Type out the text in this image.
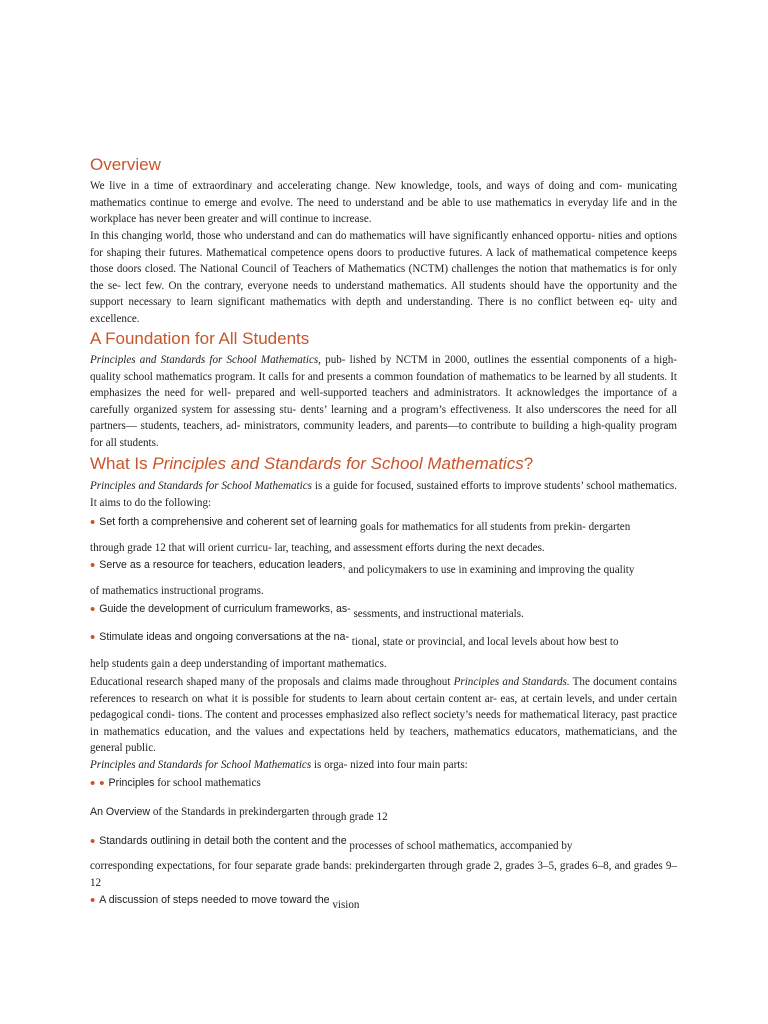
Overview
We live in a time of extraordinary and accelerating change. New knowledge, tools, and ways of doing and com- municating mathematics continue to emerge and evolve. The need to understand and be able to use mathematics in everyday life and in the workplace has never been greater and will continue to increase.
In this changing world, those who understand and can do mathematics will have significantly enhanced opportu- nities and options for shaping their futures. Mathematical competence opens doors to productive futures. A lack of mathematical competence keeps those doors closed. The National Council of Teachers of Mathematics (NCTM) challenges the notion that mathematics is for only the se- lect few. On the contrary, everyone needs to understand mathematics. All students should have the opportunity and the support necessary to learn significant mathematics with depth and understanding. There is no conflict between eq- uity and excellence.
A Foundation for All Students
Principles and Standards for School Mathematics, pub- lished by NCTM in 2000, outlines the essential components of a high-quality school mathematics program. It calls for and presents a common foundation of mathematics to be learned by all students. It emphasizes the need for well- prepared and well-supported teachers and administrators. It acknowledges the importance of a carefully organized system for assessing stu- dents’ learning and a program’s effectiveness. It also underscores the need for all partners— students, teachers, ad- ministrators, community leaders, and parents—to contribute to building a high-quality program for all students.
What Is Principles and Standards for School Mathematics?
Principles and Standards for School Mathematics is a guide for focused, sustained efforts to improve students’ school mathematics. It aims to do the following:
• Set forth a comprehensive and coherent set of learning goals for mathematics for all students from prekin- dergarten
through grade 12 that will orient curricu- lar, teaching, and assessment efforts during the next decades.
• Serve as a resource for teachers, education leaders, and policymakers to use in examining and improving the quality
of mathematics instructional programs.
• Guide the development of curriculum frameworks, as- sessments, and instructional materials.
• Stimulate ideas and ongoing conversations at the na- tional, state or provincial, and local levels about how best to
help students gain a deep understanding of important mathematics.
Educational research shaped many of the proposals and claims made throughout Principles and Standards. The document contains references to research on what it is possible for students to learn about certain content ar- eas, at certain levels, and under certain pedagogical condi- tions. The content and processes emphasized also reflect society’s needs for mathematical literacy, past practice in mathematics education, and the values and expectations held by teachers, mathematics educators, mathematicians, and the general public.
Principles and Standards for School Mathematics is orga- nized into four main parts:
• • Principles for school mathematics
An Overview of the Standards in prekindergarten through grade 12
• Standards outlining in detail both the content and the processes of school mathematics, accompanied by
corresponding expectations, for four separate grade bands: prekindergarten through grade 2, grades 3–5, grades 6–8, and grades 9–12
• A discussion of steps needed to move toward the vision
